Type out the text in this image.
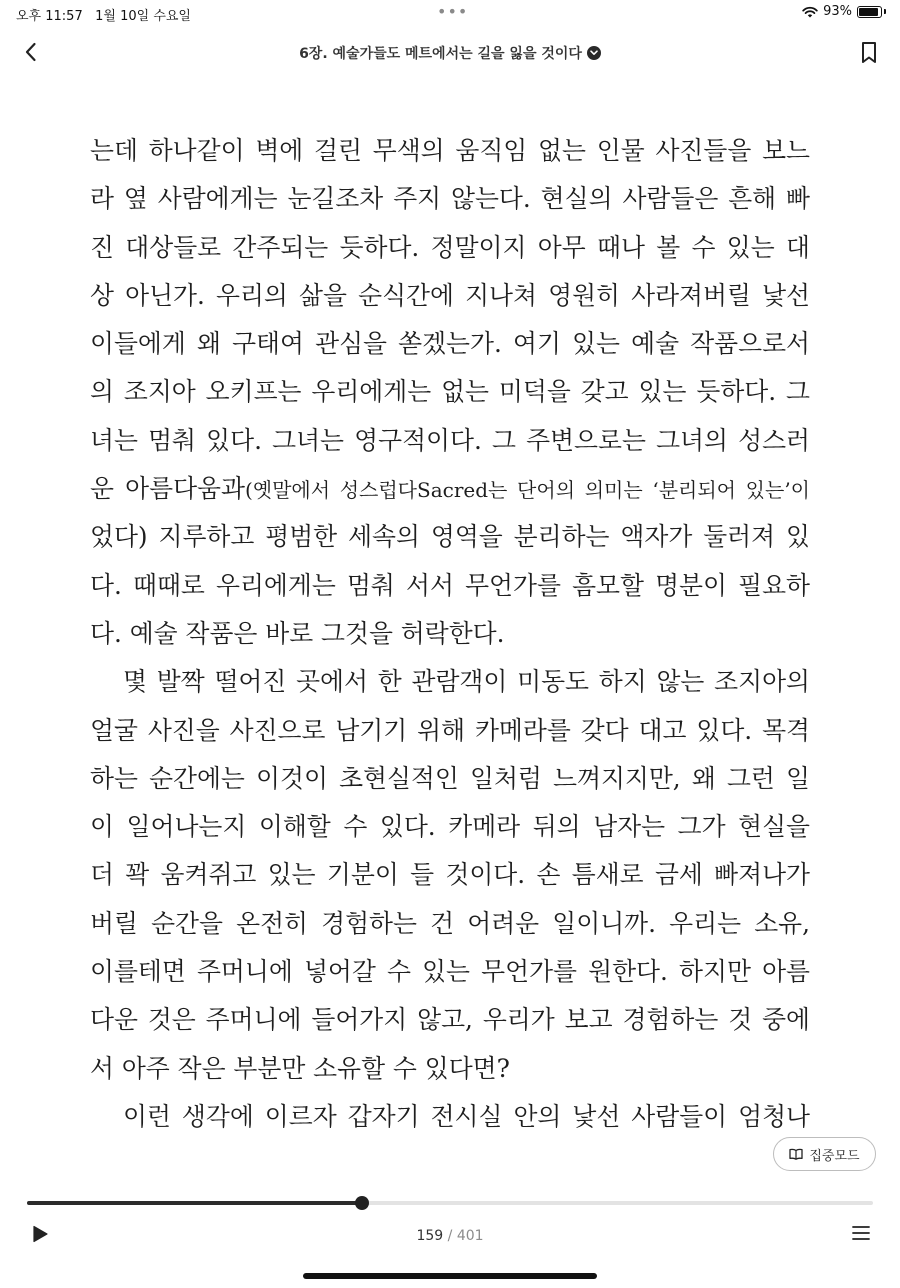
오후 11:57 1월 10일 수요일	•••	93%
6장. 예술가들도 메트에서는 길을 잃을 것이다
는데 하나같이 벽에 걸린 무색의 움직임 없는 인물 사진들을 보느
라 옆 사람에게는 눈길조차 주지 않는다. 현실의 사람들은 흔해 빠
진 대상들로 간주되는 듯하다. 정말이지 아무 때나 볼 수 있는 대
상 아닌가. 우리의 삶을 순식간에 지나쳐 영원히 사라져버릴 낯선
이들에게 왜 구태여 관심을 쏟겠는가. 여기 있는 예술 작품으로서
의 조지아 오키프는 우리에게는 없는 미덕을 갖고 있는 듯하다. 그
녀는 멈춰 있다. 그녀는 영구적이다. 그 주변으로는 그녀의 성스러
운 아름다움과(옛말에서 성스럽다Sacred는 단어의 의미는 ‘분리되어 있는’이
었다) 지루하고 평범한 세속의 영역을 분리하는 액자가 둘러져 있
다. 때때로 우리에게는 멈춰 서서 무언가를 흠모할 명분이 필요하
다. 예술 작품은 바로 그것을 허락한다.
몇 발짝 떨어진 곳에서 한 관람객이 미동도 하지 않는 조지아의
얼굴 사진을 사진으로 남기기 위해 카메라를 갖다 대고 있다. 목격
하는 순간에는 이것이 초현실적인 일처럼 느껴지지만, 왜 그런 일
이 일어나는지 이해할 수 있다. 카메라 뒤의 남자는 그가 현실을
더 꽉 움켜쥐고 있는 기분이 들 것이다. 손 틈새로 금세 빠져나가
버릴 순간을 온전히 경험하는 건 어려운 일이니까. 우리는 소유,
이를테면 주머니에 넣어갈 수 있는 무언가를 원한다. 하지만 아름
다운 것은 주머니에 들어가지 않고, 우리가 보고 경험하는 것 중에
서 아주 작은 부분만 소유할 수 있다면?
이런 생각에 이르자 갑자기 전시실 안의 낯선 사람들이 엄청나
집중모드
159 / 401
